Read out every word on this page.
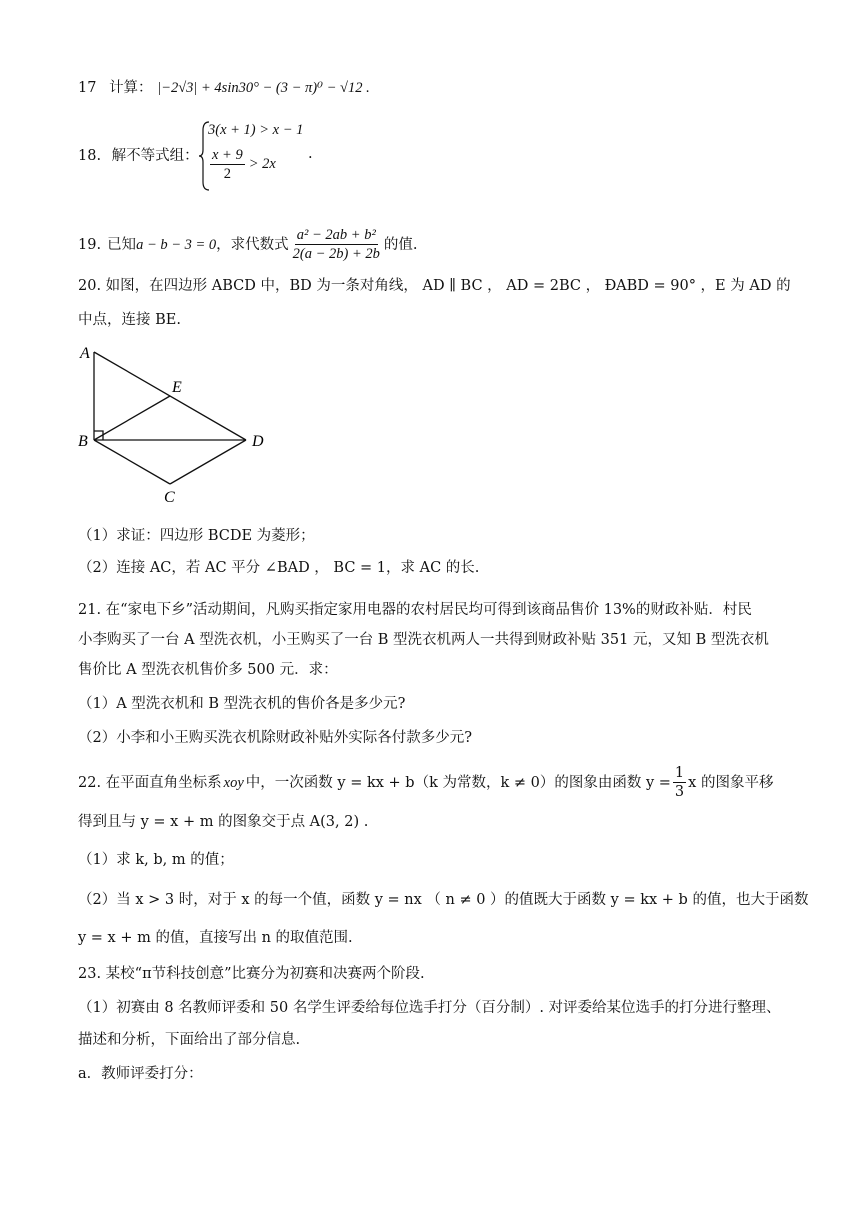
17 计算： |−2√3| + 4sin30° − (3 − π)⁰ − √12 .
18. 解不等式组：
3(x + 1) > x − 1
$\frac{x + 9}{2} > 2x$
.
19. 已知 a − b − 3 = 0 ，求代数式 $\frac{\text{a² − 2ab + b²}}{2(a - 2b) + 2b}$ 的值.
20. 如图，在四边形 ABCD 中，BD 为一条对角线， AD ∥ BC ， AD = 2BC ， ÐABD = 90° ，E 为 AD 的
中点，连接 BE.
A
E
B	D
C
（1）求证：四边形 BCDE 为菱形；
（2）连接 AC，若 AC 平分 ∠BAD ， BC = 1，求 AC 的长.
21. 在“家电下乡”活动期间，凡购买指定家用电器的农村居民均可得到该商品售价 13%的财政补贴．村民
小李购买了一台 A 型洗衣机，小王购买了一台 B 型洗衣机两人一共得到财政补贴 351 元，又知 B 型洗衣机
售价比 A 型洗衣机售价多 500 元．求：
（1）A 型洗衣机和 B 型洗衣机的售价各是多少元?
（2）小李和小王购买洗衣机除财政补贴外实际各付款多少元?
22. 在平面直角坐标系 xoy 中，一次函数 y = kx + b（k 为常数，k ≠ 0）的图象由函数 $y = \frac{1}{3}$ x 的图象平移
得到且与 y = x + m 的图象交于点 A(3, 2) .
（1）求 k, b, m 的值；
（2）当 x > 3 时，对于 x 的每一个值，函数 y = nx （ n ≠ 0 ）的值既大于函数 y = kx + b 的值，也大于函数
y = x + m 的值，直接写出 n 的取值范围.
23. 某校“π节科技创意”比赛分为初赛和决赛两个阶段.
（1）初赛由 8 名教师评委和 50 名学生评委给每位选手打分（百分制）. 对评委给某位选手的打分进行整理、
描述和分析，下面给出了部分信息.
a．教师评委打分：
